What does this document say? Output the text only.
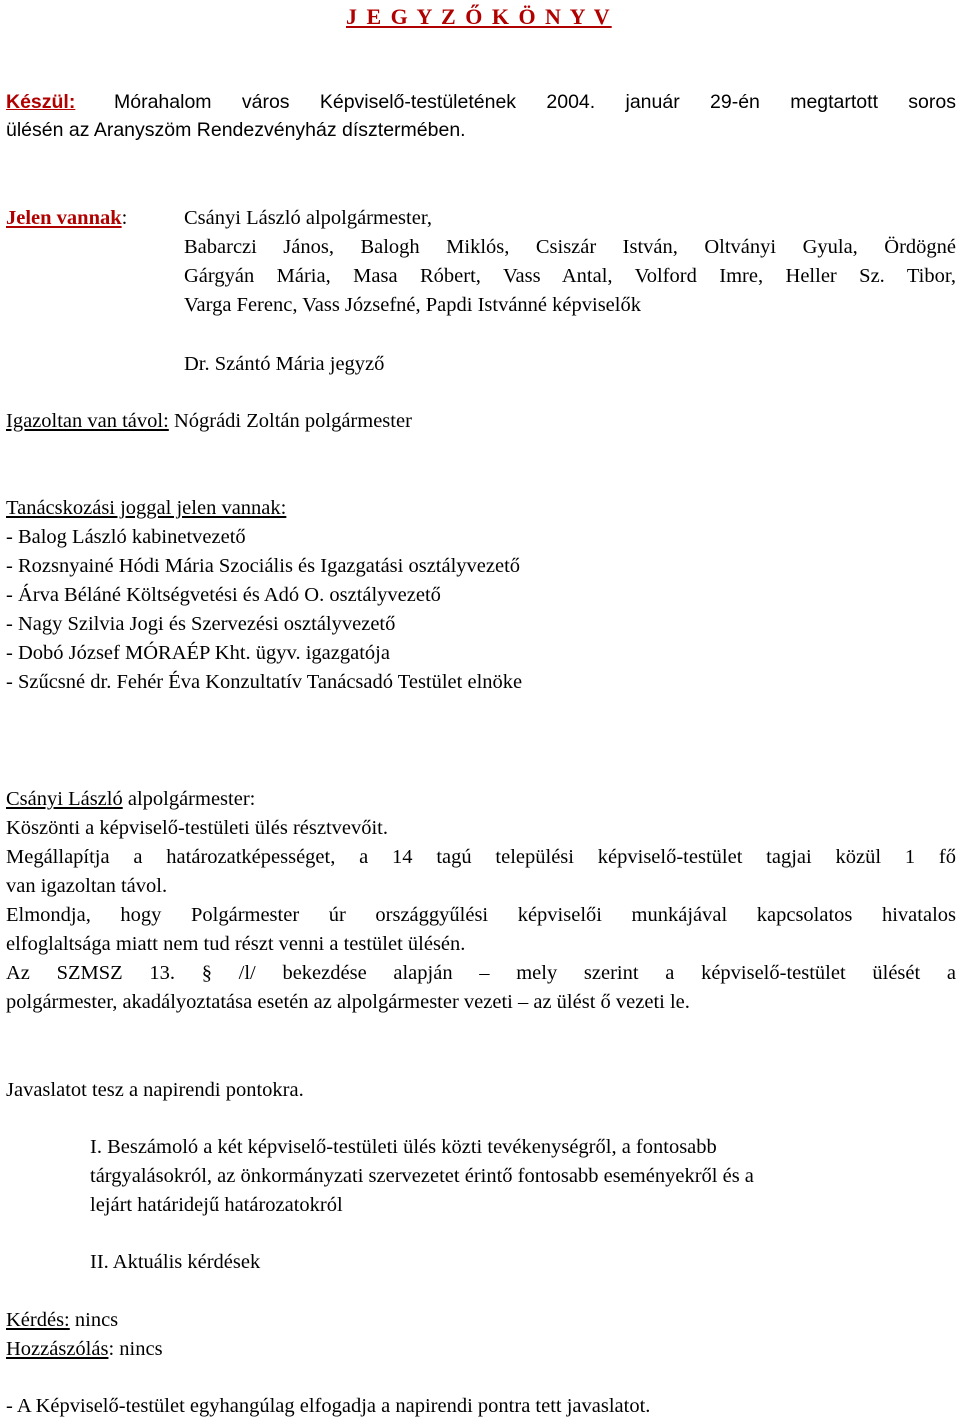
J E G Y Z Ő K Ö N Y V
Készül:	Mórahalom város Képviselő-testületének 2004. január 29-én megtartott soros
ülésén az Aranyszöm Rendezvényház dísztermében.
Jelen vannak:	Csányi László alpolgármester,
Babarczi János, Balogh Miklós, Csiszár István, Oltványi Gyula, Ördögné
Gárgyán Mária, Masa Róbert, Vass Antal, Volford Imre, Heller Sz. Tibor,
Varga Ferenc, Vass Józsefné, Papdi Istvánné képviselők
Dr. Szántó Mária jegyző
Igazoltan van távol: Nógrádi Zoltán polgármester
Tanácskozási joggal jelen vannak:
- Balog László kabinetvezető
- Rozsnyainé Hódi Mária Szociális és Igazgatási osztályvezető
- Árva Béláné Költségvetési és Adó O. osztályvezető
- Nagy Szilvia Jogi és Szervezési osztályvezető
- Dobó József MÓRAÉP Kht. ügyv. igazgatója
- Szűcsné dr. Fehér Éva Konzultatív Tanácsadó Testület elnöke
Csányi László alpolgármester:
Köszönti a képviselő-testületi ülés résztvevőit.
Megállapítja a határozatképességet, a 14 tagú települési képviselő-testület tagjai közül 1 fő
van igazoltan távol.
Elmondja, hogy Polgármester úr országgyűlési képviselői munkájával kapcsolatos hivatalos
elfoglaltsága miatt nem tud részt venni a testület ülésén.
Az SZMSZ 13. § /l/ bekezdése alapján – mely szerint a képviselő-testület ülését a
polgármester, akadályoztatása esetén az alpolgármester vezeti – az ülést ő vezeti le.
Javaslatot tesz a napirendi pontokra.
I. Beszámoló a két képviselő-testületi ülés közti tevékenységről, a fontosabb
tárgyalásokról, az önkormányzati szervezetet érintő fontosabb eseményekről és a
lejárt határidejű határozatokról
II. Aktuális kérdések
Kérdés: nincs
Hozzászólás: nincs
- A Képviselő-testület egyhangúlag elfogadja a napirendi pontra tett javaslatot.
